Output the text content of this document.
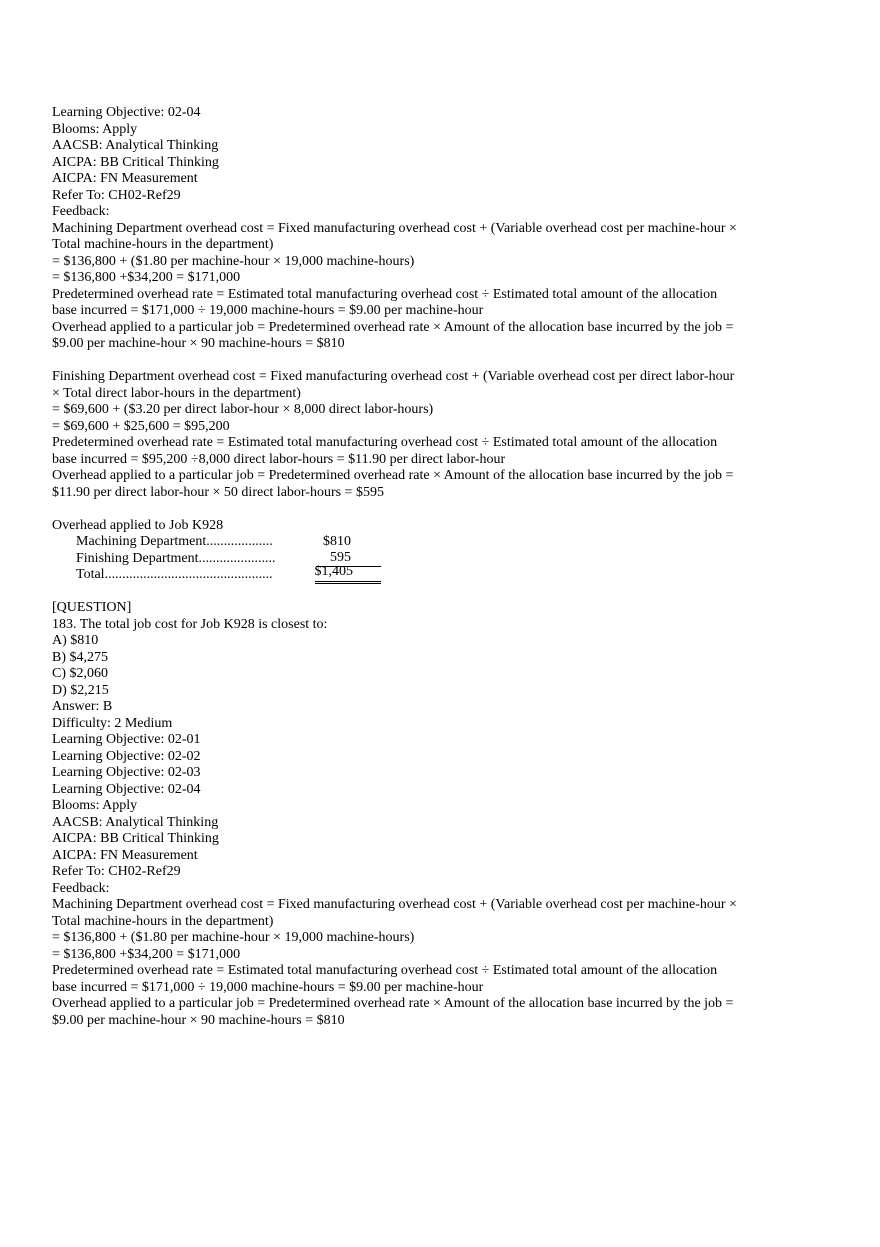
Learning Objective: 02-04
Blooms: Apply
AACSB: Analytical Thinking
AICPA: BB Critical Thinking
AICPA: FN Measurement
Refer To: CH02-Ref29
Feedback:
Machining Department overhead cost = Fixed manufacturing overhead cost + (Variable overhead cost per machine-hour ×
Total machine-hours in the department)
= $136,800 + ($1.80 per machine-hour × 19,000 machine-hours)
= $136,800 +$34,200 = $171,000
Predetermined overhead rate = Estimated total manufacturing overhead cost ÷ Estimated total amount of the allocation
base incurred = $171,000 ÷ 19,000 machine-hours = $9.00 per machine-hour
Overhead applied to a particular job = Predetermined overhead rate × Amount of the allocation base incurred by the job =
$9.00 per machine-hour × 90 machine-hours = $810
Finishing Department overhead cost = Fixed manufacturing overhead cost + (Variable overhead cost per direct labor-hour
× Total direct labor-hours in the department)
= $69,600 + ($3.20 per direct labor-hour × 8,000 direct labor-hours)
= $69,600 + $25,600 = $95,200
Predetermined overhead rate = Estimated total manufacturing overhead cost ÷ Estimated total amount of the allocation
base incurred = $95,200 ÷8,000 direct labor-hours = $11.90 per direct labor-hour
Overhead applied to a particular job = Predetermined overhead rate × Amount of the allocation base incurred by the job =
$11.90 per direct labor-hour × 50 direct labor-hours = $595
Overhead applied to Job K928
Machining Department...................	$810
Finishing Department......................	595
Total................................................	$1,405
[QUESTION]
183. The total job cost for Job K928 is closest to:
A) $810
B) $4,275
C) $2,060
D) $2,215
Answer: B
Difficulty: 2 Medium
Learning Objective: 02-01
Learning Objective: 02-02
Learning Objective: 02-03
Learning Objective: 02-04
Blooms: Apply
AACSB: Analytical Thinking
AICPA: BB Critical Thinking
AICPA: FN Measurement
Refer To: CH02-Ref29
Feedback:
Machining Department overhead cost = Fixed manufacturing overhead cost + (Variable overhead cost per machine-hour ×
Total machine-hours in the department)
= $136,800 + ($1.80 per machine-hour × 19,000 machine-hours)
= $136,800 +$34,200 = $171,000
Predetermined overhead rate = Estimated total manufacturing overhead cost ÷ Estimated total amount of the allocation
base incurred = $171,000 ÷ 19,000 machine-hours = $9.00 per machine-hour
Overhead applied to a particular job = Predetermined overhead rate × Amount of the allocation base incurred by the job =
$9.00 per machine-hour × 90 machine-hours = $810
